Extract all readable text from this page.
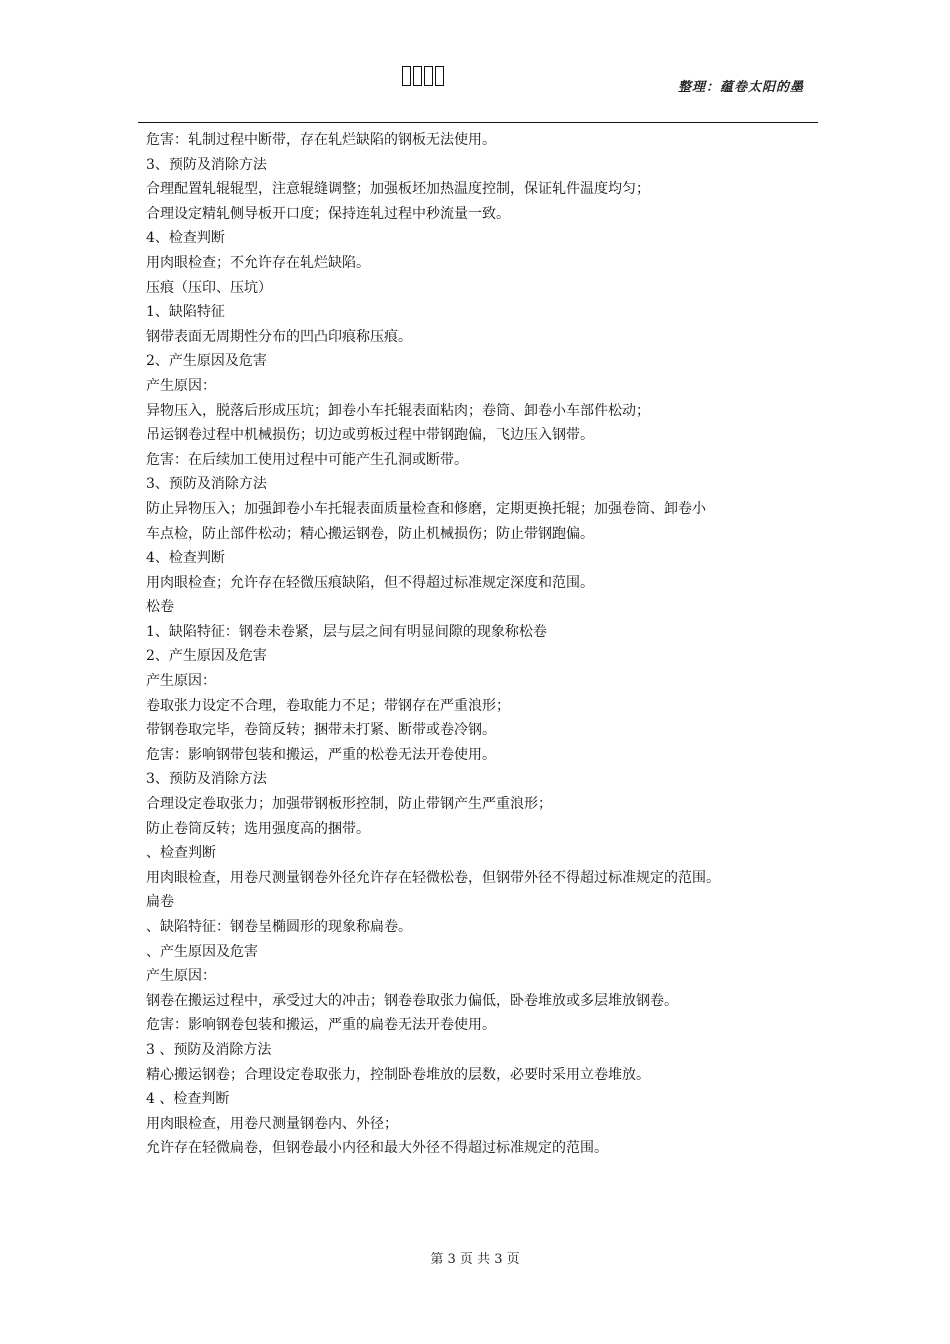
整理：蕴卷太阳的墨
危害：轧制过程中断带，存在轧烂缺陷的钢板无法使用。
3、预防及消除方法
合理配置轧辊辊型，注意辊缝调整；加强板坯加热温度控制，保证轧件温度均匀；
合理设定精轧侧导板开口度；保持连轧过程中秒流量一致。
4、检查判断
用肉眼检查；不允许存在轧烂缺陷。
压痕（压印、压坑）
1、缺陷特征
钢带表面无周期性分布的凹凸印痕称压痕。
2、产生原因及危害
产生原因：
异物压入，脱落后形成压坑；卸卷小车托辊表面粘肉；卷筒、卸卷小车部件松动；
吊运钢卷过程中机械损伤；切边或剪板过程中带钢跑偏，飞边压入钢带。
危害：在后续加工使用过程中可能产生孔洞或断带。
3、预防及消除方法
防止异物压入；加强卸卷小车托辊表面质量检查和修磨，定期更换托辊；加强卷筒、卸卷小
车点检，防止部件松动；精心搬运钢卷，防止机械损伤；防止带钢跑偏。
4、检查判断
用肉眼检查；允许存在轻微压痕缺陷，但不得超过标准规定深度和范围。
松卷
1、缺陷特征：钢卷未卷紧，层与层之间有明显间隙的现象称松卷
2、产生原因及危害
产生原因：
卷取张力设定不合理，卷取能力不足；带钢存在严重浪形；
带钢卷取完毕，卷筒反转；捆带未打紧、断带或卷冷钢。
危害：影响钢带包装和搬运，严重的松卷无法开卷使用。
3、预防及消除方法
合理设定卷取张力；加强带钢板形控制，防止带钢产生严重浪形；
防止卷筒反转；选用强度高的捆带。
、检查判断
用肉眼检查，用卷尺测量钢卷外径允许存在轻微松卷，但钢带外径不得超过标准规定的范围。
扁卷
、缺陷特征：钢卷呈椭圆形的现象称扁卷。
、产生原因及危害
产生原因：
钢卷在搬运过程中，承受过大的冲击；钢卷卷取张力偏低，卧卷堆放或多层堆放钢卷。
危害：影响钢卷包装和搬运，严重的扁卷无法开卷使用。
3 、预防及消除方法
精心搬运钢卷；合理设定卷取张力，控制卧卷堆放的层数，必要时采用立卷堆放。
4 、检查判断
用肉眼检查，用卷尺测量钢卷内、外径；
允许存在轻微扁卷，但钢卷最小内径和最大外径不得超过标准规定的范围。
第 3 页 共 3 页
